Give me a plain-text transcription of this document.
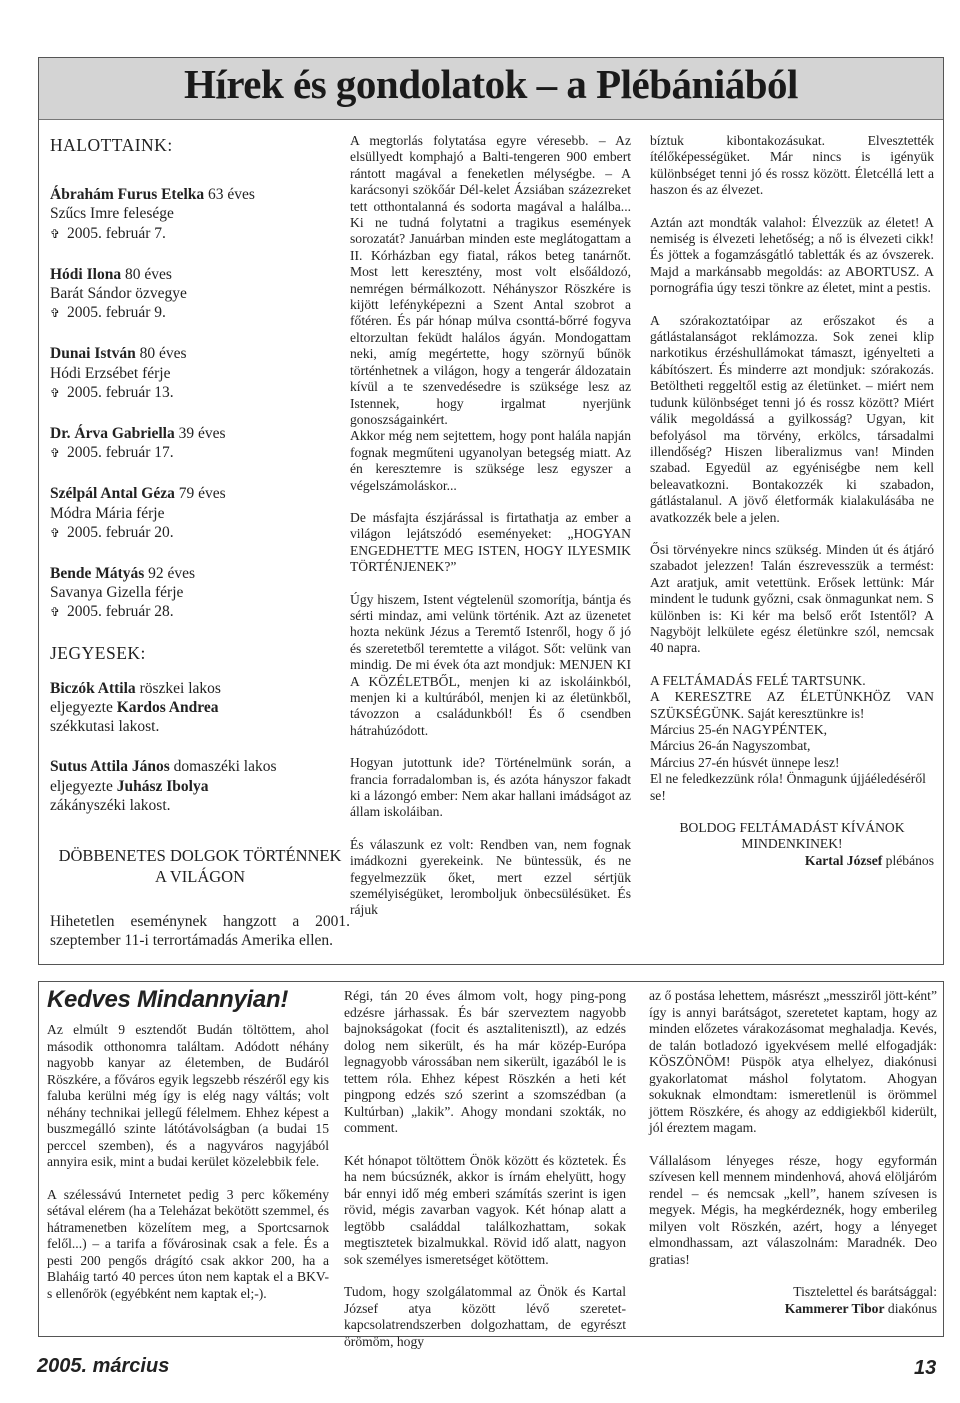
Hírek és gondolatok – a Plébániából
HALOTTAINK:
Ábrahám Furus Etelka 63 éves
Szűcs Imre felesége
✞ 2005. február 7.
Hódi Ilona 80 éves
Barát Sándor özvegye
✞ 2005. február 9.
Dunai István 80 éves
Hódi Erzsébet férje
✞ 2005. február 13.
Dr. Árva Gabriella 39 éves
✞ 2005. február 17.
Szélpál Antal Géza 79 éves
Módra Mária férje
✞ 2005. február 20.
Bende Mátyás 92 éves
Savanya Gizella férje
✞ 2005. február 28.
JEGYESEK:
Biczók Attila röszkei lakos
eljegyezte Kardos Andrea
székkutasi lakost.
Sutus Attila János domaszéki lakos
eljegyezte Juhász Ibolya
zákányszéki lakost.
DÖBBENETES DOLGOK TÖRTÉNNEK
A VILÁGON

Hihetetlen eseménynek hangzott a 2001. szeptember 11-i terrortámadás Amerika ellen.

A megtorlás folytatása egyre véresebb. – Az elsüllyedt komphajó a Balti-tengeren 900 embert rántott magával a feneketlen mélységbe. – A karácsonyi szökőár Dél-kelet Ázsiában százezreket tett otthontalanná és sodorta magával a halálba... Ki ne tudná folytatni a tragikus események sorozatát? Januárban minden este meglátogattam a II. Kórházban egy fiatal, rákos beteg tanárnőt. Most lett keresztény, most volt elsőáldozó, nemrégen bérmálkozott. Néhányszor Röszkére is kijött lefényképezni a Szent Antal szobrot a főtéren. És pár hónap múlva csonttá-bőrré fogyva eltorzultan feküdt halálos ágyán. Mondogattam neki, amíg megértette, hogy szörnyű bűnök történhetnek a világon, hogy a tengerár áldozatain kívül a te szenvedésedre is szüksége lesz az Istennek, hogy irgalmat nyerjünk gonoszságainkért.

Akkor még nem sejtettem, hogy pont halála napján fognak megműteni ugyanolyan betegség miatt. Az én keresztemre is szüksége lesz egyszer a végelszámoláskor...

De másfajta észjárással is firtathatja az ember a világon lejátszódó eseményeket: „HOGYAN ENGEDHETTE MEG ISTEN, HOGY ILYESMIK TÖRTÉNJENEK?”

Úgy hiszem, Istent végtelenül szomorítja, bántja és sérti mindaz, ami velünk történik. Azt az üzenetet hozta nekünk Jézus a Teremtő Istenről, hogy ő jó és szeretetből teremtette a világot. Sőt: velünk van mindig. De mi évek óta azt mondjuk: MENJEN KI A KÖZÉLETBŐL, menjen ki az iskoláinkból, menjen ki a kultúrából, menjen ki az életünkből, távozzon a családunkból! És ő csendben hátrahúzódott.

Hogyan jutottunk ide? Történelmünk során, a francia forradalomban is, és azóta hányszor fakadt ki a lázongó ember: Nem akar hallani imádságot az állam iskoláiban.

És válaszunk ez volt: Rendben van, nem fognak imádkozni gyerekeink. Ne büntessük, és ne fegyelmezzük őket, mert ezzel sértjük személyiségüket, leromboljuk önbecsülésüket. És rájuk

bíztuk kibontakozásukat. Elvesztették ítélőképességüket. Már nincs is igényük különbséget tenni jó és rossz között. Életcéllá lett a haszon és az élvezet.

Aztán azt mondták valahol: Élvezzük az életet! A nemiség is élvezeti lehetőség; a nő is élvezeti cikk! És jöttek a fogamzásgátló tabletták és az óvszerek. Majd a markánsabb megoldás: az ABORTUSZ. A pornográfia úgy teszi tönkre az életet, mint a pestis.

A szórakoztatóipar az erőszakot és a gátlástalanságot reklámozza. Sok zenei klip narkotikus érzéshullámokat támaszt, igényelteti a kábítószert. És minderre azt mondjuk: szórakozás. Betöltheti reggeltől estig az életünket. – miért nem tudunk különbséget tenni jó és rossz között? Miért válik megoldássá a gyilkosság? Ugyan, kit befolyásol ma törvény, erkölcs, társadalmi illendőség? Hiszen liberalizmus van! Minden szabad. Egyedül az egyéniségbe nem kell beleavatkozni. Bontakozzék ki szabadon, gátlástalanul. A jövő életformák kialakulásába ne avatkozzék bele a jelen.

Ősi törvényekre nincs szükség. Minden út és átjáró szabadot jelezzen! Talán észrevesszük a termést: Azt aratjuk, amit vetettünk. Erősek lettünk: Már mindent le tudunk győzni, csak önmagunkat nem. S különben is: Ki kér ma belső erőt Istentől? A Nagyböjt lelkülete egész életünkre szól, nemcsak 40 napra.

A FELTÁMADÁS FELÉ TARTSUNK.

A KERESZTRE AZ ÉLETÜNKHÖZ VAN SZÜKSÉGÜNK. Saját keresztünkre is!

Március 25-én NAGYPÉNTEK,

Március 26-án Nagyszombat,

Március 27-én húsvét ünnepe lesz!

El ne feledkezzünk róla! Önmagunk újjáéledéséről se!

BOLDOG FELTÁMADÁST KÍVÁNOK

MINDENKINEK!

Kartal József plébános

Kedves Mindannyian!

Az elmúlt 9 esztendőt Budán töltöttem, ahol második otthonomra találtam. Adódott néhány nagyobb kanyar az életemben, de Budáról Röszkére, a főváros egyik legszebb részéről egy kis faluba kerülni még így is elég nagy váltás; volt néhány technikai jellegű félelmem. Ehhez képest a buszmegálló szinte látótávolságban (a budai 15 perccel szemben), és a nagyváros nagyjából annyira esik, mint a budai kerület közelebbik fele.

A szélessávú Internetet pedig 3 perc kőkemény sétával elérem (ha a Teleházat bekötött szemmel, és hátramenetben közelítem meg, a Sportcsarnok felől...) – a tarifa a fővárosinak csak a fele. És a pesti 200 pengős drágító csak akkor 200, ha a Blaháig tartó 40 perces úton nem kaptak el a BKV-s ellenőrök (egyébként nem kaptak el;-).

Régi, tán 20 éves álmom volt, hogy ping-pong edzésre járhassak. És bár szerveztem nagyobb bajnokságokat (focit és asztalitenisztl), az edzés dolog nem sikerült, és ha már közép-Európa legnagyobb várossában nem sikerült, igazából le is tettem róla. Ehhez képest Röszkén a heti két pingpong edzés szó szerint a szomszédban (a Kultúrban) „lakik”. Ahogy mondani szokták, no comment.

Két hónapot töltöttem Önök között és köztetek. És ha nem búcsúznék, akkor is írnám ehelyütt, hogy bár ennyi idő még emberi számítás szerint is igen rövid, mégis zavarban vagyok. Két hónap alatt a legtöbb családdal találkozhattam, sokak megtisztetek bizalmukkal. Rövid idő alatt, nagyon sok személyes ismeretséget kötöttem.

Tudom, hogy szolgálatommal az Önök és Kartal József atya között lévő szeretet-kapcsolatrendszerben dolgozhattam, de egyrészt örömöm, hogy

az ő postása lehettem, másrészt „messziről jött-ként” így is annyi barátságot, szeretetet kaptam, hogy az minden előzetes várakozásomat meghaladja. Kevés, de talán botladozó igyekvésem mellé elfogadják: KÖSZÖNÖM! Püspök atya elhelyez, diakónusi gyakorlatomat máshol folytatom. Ahogyan sokuknak elmondtam: ismeretlenül is örömmel jöttem Röszkére, és ahogy az eddigiekből kiderült, jól éreztem magam.

Vállalásom lényeges része, hogy egyformán szívesen kell mennem mindenhová, ahová elöljáróm rendel – és nemcsak „kell”, hanem szívesen is megyek. Mégis, ha megkérdeznék, hogy emberileg milyen volt Röszkén, azért, hogy a lényeget elmondhassam, azt válaszolnám: Maradnék. Deo gratias!

Tisztelettel és barátsággal:

Kammerer Tibor diakónus

2005. március	13
